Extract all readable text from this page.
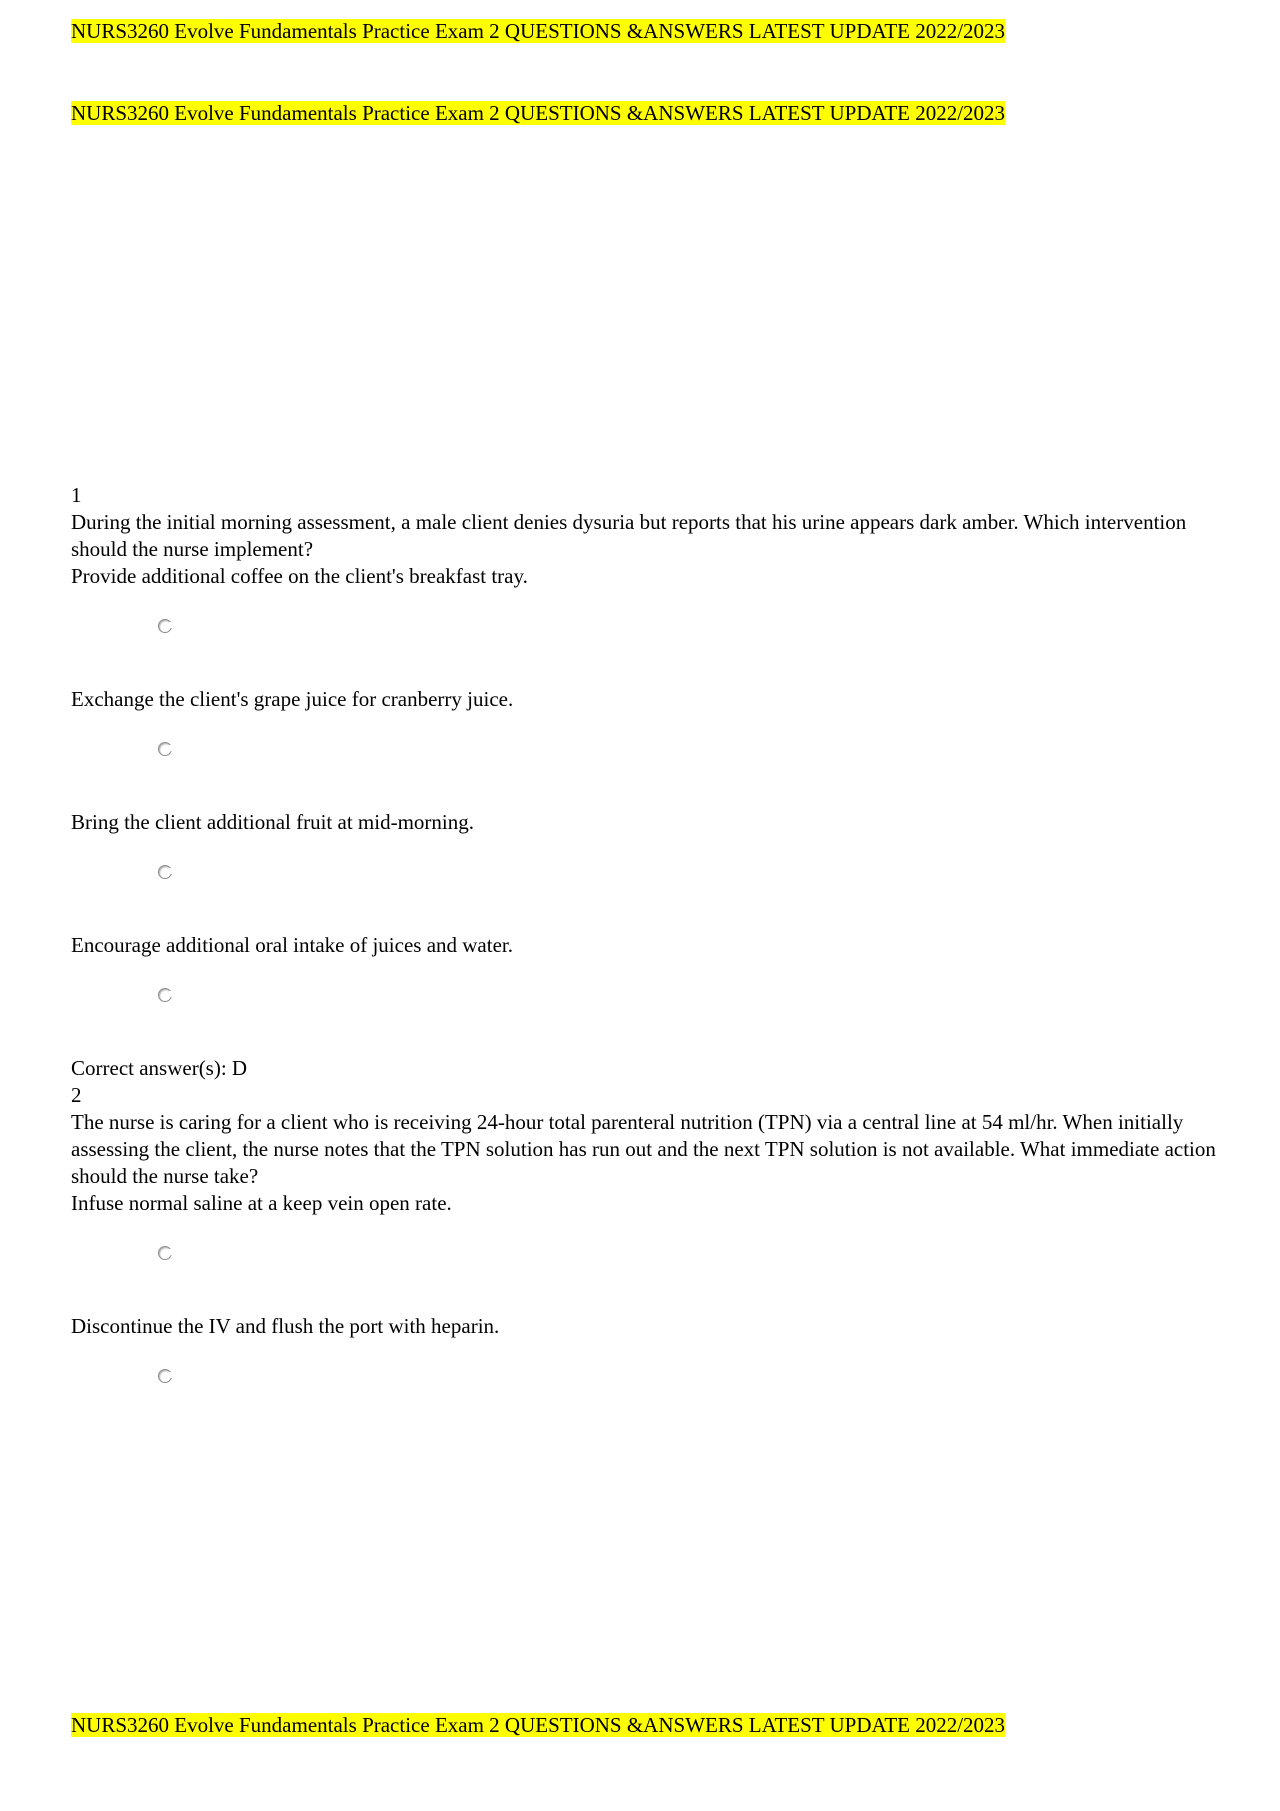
NURS3260 Evolve Fundamentals Practice Exam 2 QUESTIONS &ANSWERS LATEST UPDATE 2022/2023
NURS3260 Evolve Fundamentals Practice Exam 2 QUESTIONS &ANSWERS LATEST UPDATE 2022/2023
1
During the initial morning assessment, a male client denies dysuria but reports that his urine appears dark amber. Which intervention should the nurse implement?
Provide additional coffee on the client's breakfast tray.
Exchange the client's grape juice for cranberry juice.
Bring the client additional fruit at mid-morning.
Encourage additional oral intake of juices and water.
Correct answer(s): D
2
The nurse is caring for a client who is receiving 24-hour total parenteral nutrition (TPN) via a central line at 54 ml/hr. When initially assessing the client, the nurse notes that the TPN solution has run out and the next TPN solution is not available. What immediate action should the nurse take?
Infuse normal saline at a keep vein open rate.
Discontinue the IV and flush the port with heparin.
NURS3260 Evolve Fundamentals Practice Exam 2 QUESTIONS &ANSWERS LATEST UPDATE 2022/2023
